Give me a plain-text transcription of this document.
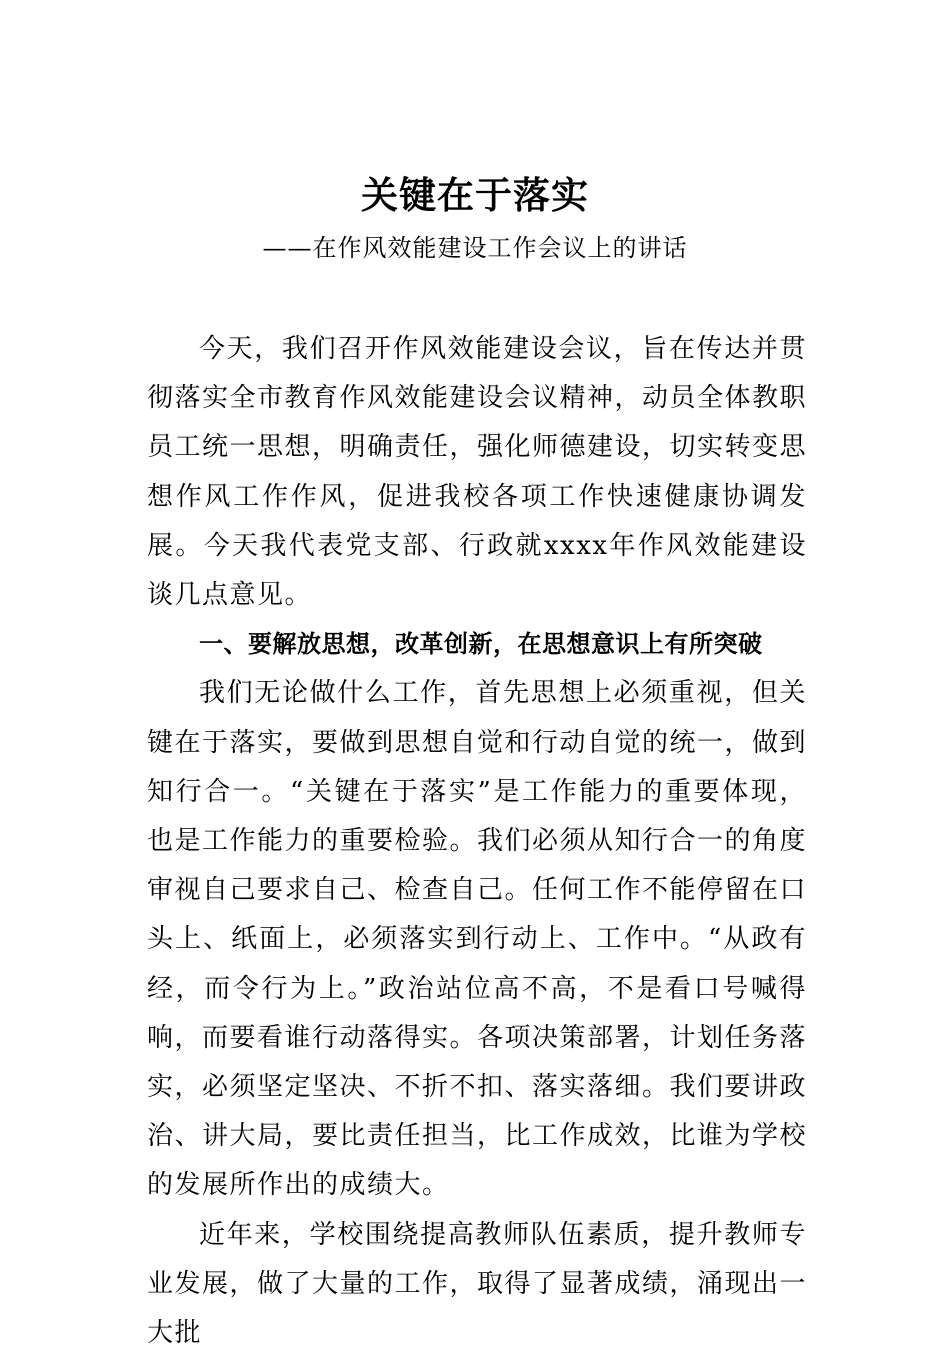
关键在于落实
——在作风效能建设工作会议上的讲话

今天，我们召开作风效能建设会议，旨在传达并贯彻落实全市教育作风效能建设会议精神，动员全体教职员工统一思想，明确责任，强化师德建设，切实转变思想作风工作作风，促进我校各项工作快速健康协调发展。今天我代表党支部、行政就xxxx年作风效能建设谈几点意见。

一、要解放思想，改革创新，在思想意识上有所突破

我们无论做什么工作，首先思想上必须重视，但关键在于落实，要做到思想自觉和行动自觉的统一，做到知行合一。“关键在于落实”是工作能力的重要体现，也是工作能力的重要检验。我们必须从知行合一的角度审视自己要求自己、检查自己。任何工作不能停留在口头上、纸面上，必须落实到行动上、工作中。“从政有经，而令行为上。”政治站位高不高，不是看口号喊得响，而要看谁行动落得实。各项决策部署，计划任务落实，必须坚定坚决、不折不扣、落实落细。我们要讲政治、讲大局，要比责任担当，比工作成效，比谁为学校的发展所作出的成绩大。

近年来，学校围绕提高教师队伍素质，提升教师专业发展，做了大量的工作，取得了显著成绩，涌现出一大批
